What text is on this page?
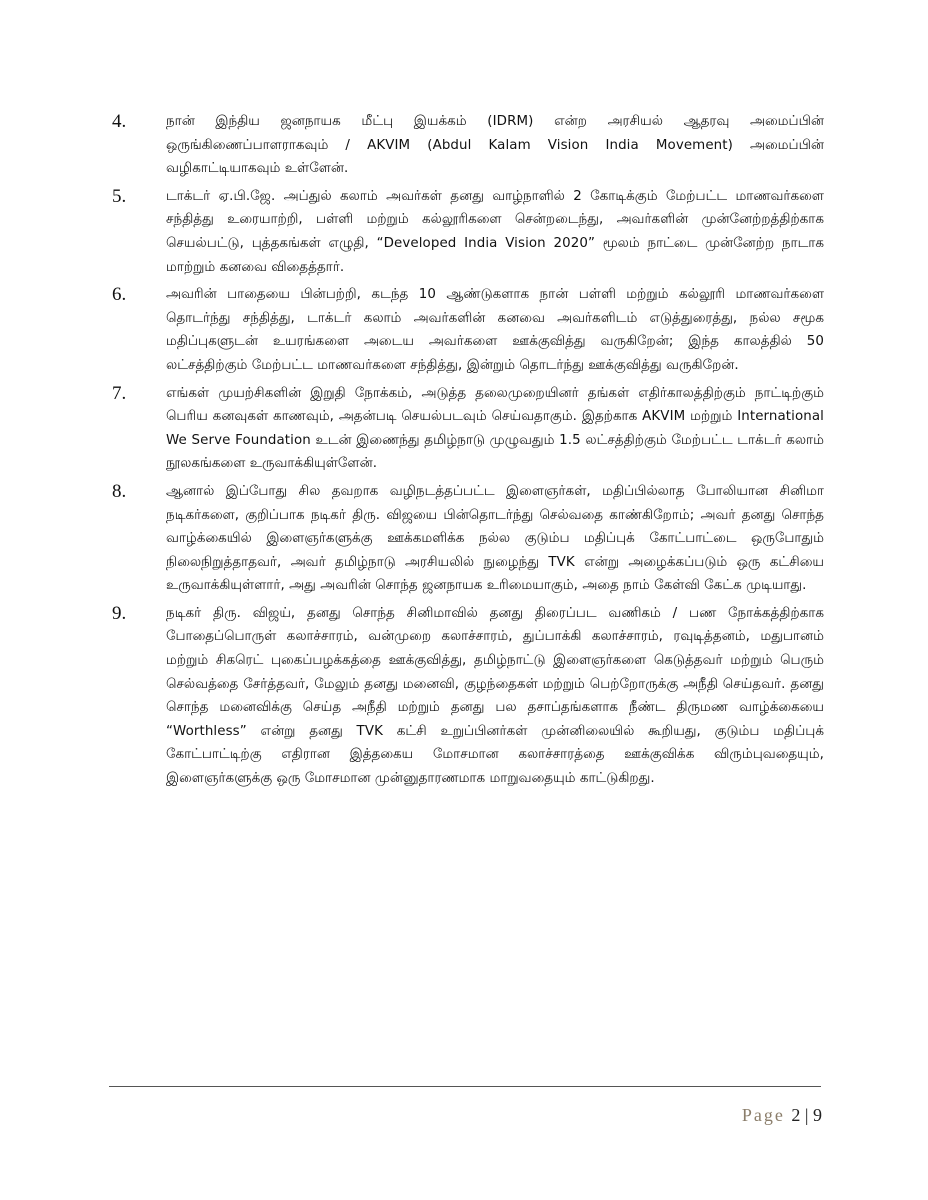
4.	நான் இந்திய ஜனநாயக மீட்பு இயக்கம் (IDRM) என்ற அரசியல் ஆதரவு அமைப்பின் ஒருங்கிணைப்பாளராகவும் / AKVIM (Abdul Kalam Vision India Movement) அமைப்பின் வழிகாட்டியாகவும் உள்ளேன்.
5.	டாக்டர் ஏ.பி.ஜே. அப்துல் கலாம் அவர்கள் தனது வாழ்நாளில் 2 கோடிக்கும் மேற்பட்ட மாணவர்களை சந்தித்து உரையாற்றி, பள்ளி மற்றும் கல்லூரிகளை சென்றடைந்து, அவர்களின் முன்னேற்றத்திற்காக செயல்பட்டு, புத்தகங்கள் எழுதி, “Developed India Vision 2020” மூலம் நாட்டை முன்னேற்ற நாடாக மாற்றும் கனவை விதைத்தார்.
6.	அவரின் பாதையை பின்பற்றி, கடந்த 10 ஆண்டுகளாக நான் பள்ளி மற்றும் கல்லூரி மாணவர்களை தொடர்ந்து சந்தித்து, டாக்டர் கலாம் அவர்களின் கனவை அவர்களிடம் எடுத்துரைத்து, நல்ல சமூக மதிப்புகளுடன் உயரங்களை அடைய அவர்களை ஊக்குவித்து வருகிறேன்; இந்த காலத்தில் 50 லட்சத்திற்கும் மேற்பட்ட மாணவர்களை சந்தித்து, இன்றும் தொடர்ந்து ஊக்குவித்து வருகிறேன்.
7.	எங்கள் முயற்சிகளின் இறுதி நோக்கம், அடுத்த தலைமுறையினர் தங்கள் எதிர்காலத்திற்கும் நாட்டிற்கும் பெரிய கனவுகள் காணவும், அதன்படி செயல்படவும் செய்வதாகும். இதற்காக AKVIM மற்றும் International We Serve Foundation உடன் இணைந்து தமிழ்நாடு முழுவதும் 1.5 லட்சத்திற்கும் மேற்பட்ட டாக்டர் கலாம் நூலகங்களை உருவாக்கியுள்ளேன்.
8.	ஆனால் இப்போது சில தவறாக வழிநடத்தப்பட்ட இளைஞர்கள், மதிப்பில்லாத போலியான சினிமா நடிகர்களை, குறிப்பாக நடிகர் திரு. விஜயை பின்தொடர்ந்து செல்வதை காண்கிறோம்; அவர் தனது சொந்த வாழ்க்கையில் இளைஞர்களுக்கு ஊக்கமளிக்க நல்ல குடும்ப மதிப்புக் கோட்பாட்டை ஒருபோதும் நிலைநிறுத்தாதவர், அவர் தமிழ்நாடு அரசியலில் நுழைந்து TVK என்று அழைக்கப்படும் ஒரு கட்சியை உருவாக்கியுள்ளார், அது அவரின் சொந்த ஜனநாயக உரிமையாகும், அதை நாம் கேள்வி கேட்க முடியாது.
9.	நடிகர் திரு. விஜய், தனது சொந்த சினிமாவில் தனது திரைப்பட வணிகம் / பண நோக்கத்திற்காக போதைப்பொருள் கலாச்சாரம், வன்முறை கலாச்சாரம், துப்பாக்கி கலாச்சாரம், ரவுடித்தனம், மதுபானம் மற்றும் சிகரெட் புகைப்பழக்கத்தை ஊக்குவித்து, தமிழ்நாட்டு இளைஞர்களை கெடுத்தவர் மற்றும் பெரும் செல்வத்தை சேர்த்தவர், மேலும் தனது மனைவி, குழந்தைகள் மற்றும் பெற்றோருக்கு அநீதி செய்தவர். தனது சொந்த மனைவிக்கு செய்த அநீதி மற்றும் தனது பல தசாப்தங்களாக நீண்ட திருமண வாழ்க்கையை “Worthless” என்று தனது TVK கட்சி உறுப்பினர்கள் முன்னிலையில் கூறியது, குடும்ப மதிப்புக் கோட்பாட்டிற்கு எதிரான இத்தகைய மோசமான கலாச்சாரத்தை ஊக்குவிக்க விரும்புவதையும், இளைஞர்களுக்கு ஒரு மோசமான முன்னுதாரணமாக மாறுவதையும் காட்டுகிறது.
Page 2 | 9
